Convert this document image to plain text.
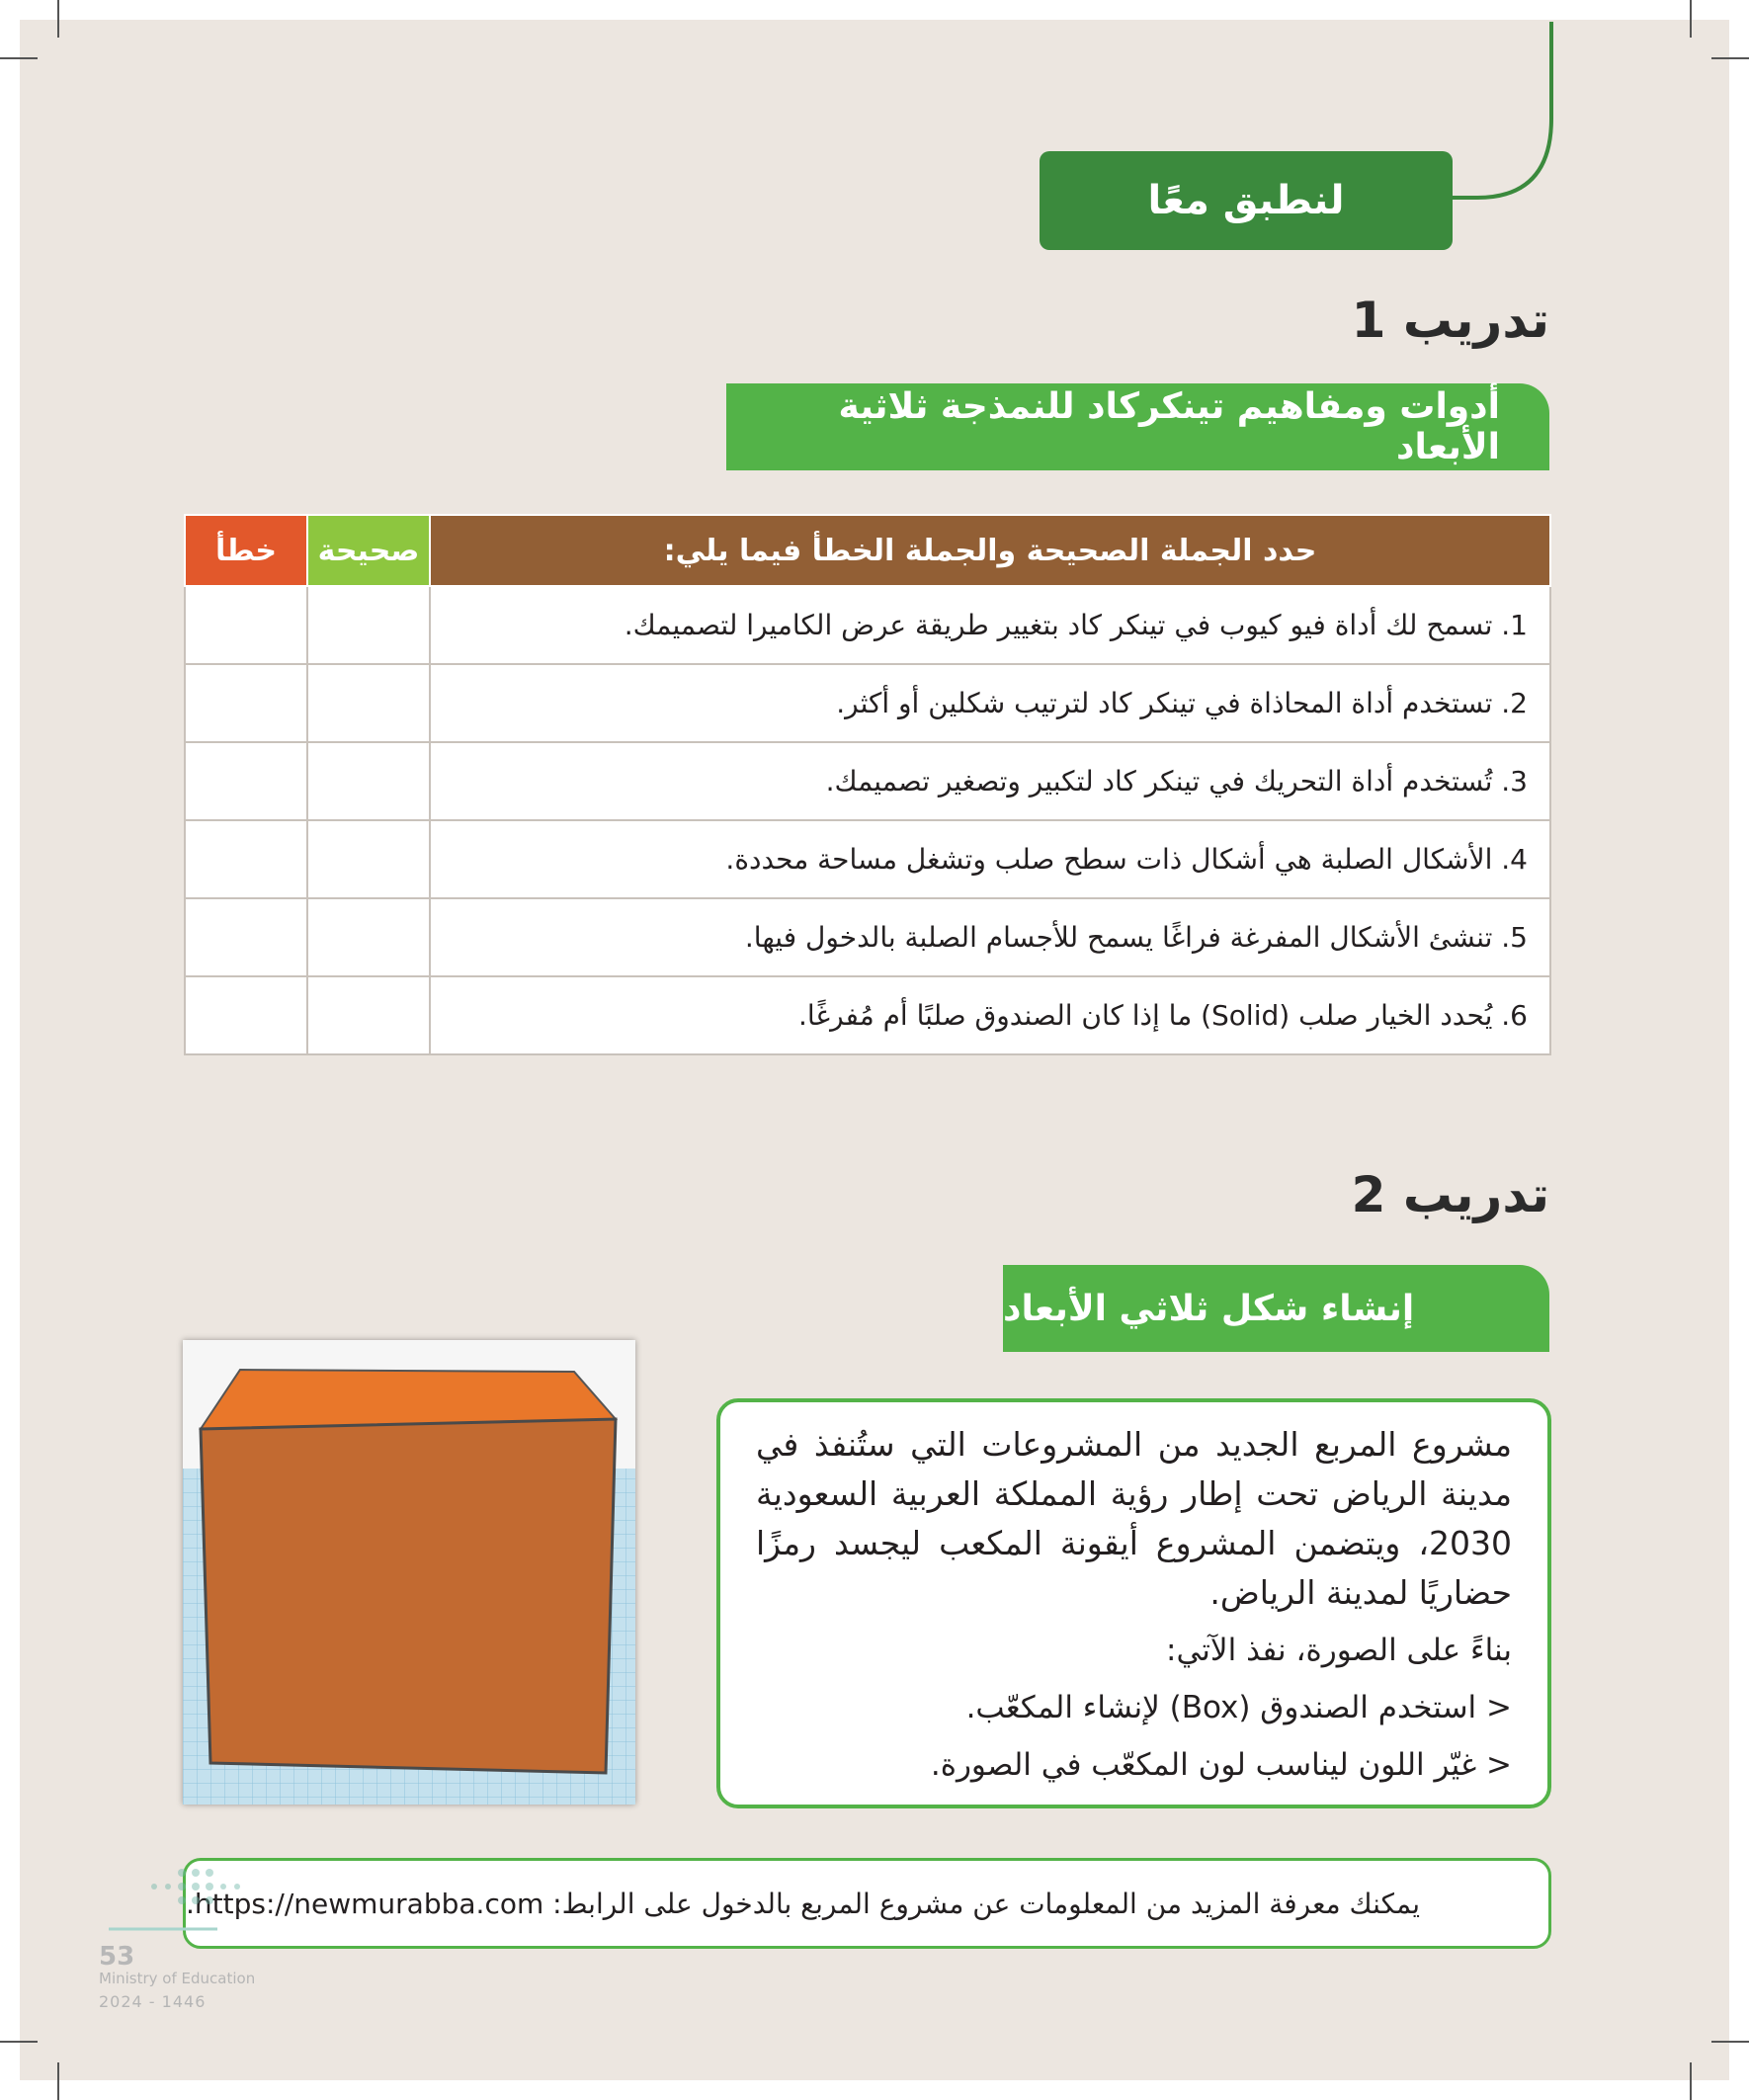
لنطبق معًا
تدريب 1
أدوات ومفاهيم تينكركاد للنمذجة ثلاثية الأبعاد
حدد الجملة الصحيحة والجملة الخطأ فيما يلي:	صحيحة	خطأ
1. تسمح لك أداة فيو كيوب في تينكر كاد بتغيير طريقة عرض الكاميرا لتصميمك.		
2. تستخدم أداة المحاذاة في تينكر كاد لترتيب شكلين أو أكثر.		
3. تُستخدم أداة التحريك في تينكر كاد لتكبير وتصغير تصميمك.		
4. الأشكال الصلبة هي أشكال ذات سطح صلب وتشغل مساحة محددة.		
5. تنشئ الأشكال المفرغة فراغًا يسمح للأجسام الصلبة بالدخول فيها.		
6. يُحدد الخيار صلب (Solid) ما إذا كان الصندوق صلبًا أم مُفرغًا.		
تدريب 2
إنشاء شكل ثلاثي الأبعاد

مشروع المربع الجديد من المشروعات التي ستُنفذ في مدينة الرياض تحت إطار رؤية المملكة العربية السعودية 2030، ويتضمن المشروع أيقونة المكعب ليجسد رمزًا حضاريًا لمدينة الرياض.

بناءً على الصورة، نفذ الآتي:
< استخدم الصندوق (Box) لإنشاء المكعّب.
< غيّر اللون ليناسب لون المكعّب في الصورة.
يمكنك معرفة المزيد من المعلومات عن مشروع المربع بالدخول على الرابط: https://newmurabba.com.
53
Ministry of Education
2024 - 1446
